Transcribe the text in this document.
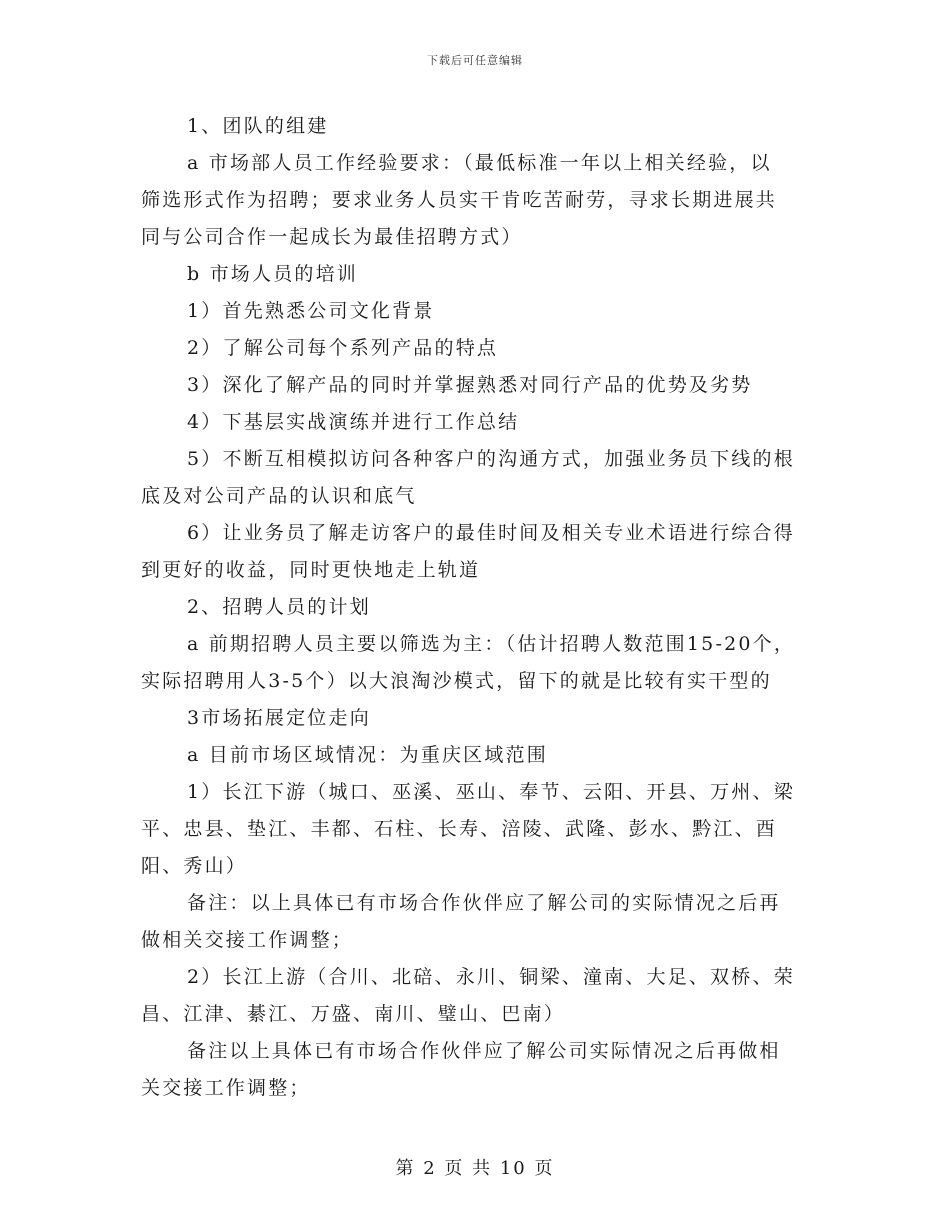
下载后可任意编辑
1、团队的组建
a 市场部人员工作经验要求：（最低标准一年以上相关经验，以
筛选形式作为招聘；要求业务人员实干肯吃苦耐劳，寻求长期进展共
同与公司合作一起成长为最佳招聘方式）
b 市场人员的培训
1）首先熟悉公司文化背景
2）了解公司每个系列产品的特点
3）深化了解产品的同时并掌握熟悉对同行产品的优势及劣势
4）下基层实战演练并进行工作总结
5）不断互相模拟访问各种客户的沟通方式，加强业务员下线的根
底及对公司产品的认识和底气
6）让业务员了解走访客户的最佳时间及相关专业术语进行综合得
到更好的收益，同时更快地走上轨道
2、招聘人员的计划
a 前期招聘人员主要以筛选为主：（估计招聘人数范围15-20个，
实际招聘用人3-5个）以大浪淘沙模式，留下的就是比较有实干型的
3市场拓展定位走向
a 目前市场区域情况：为重庆区域范围
1）长江下游（城口、巫溪、巫山、奉节、云阳、开县、万州、梁
平、忠县、垫江、丰都、石柱、长寿、涪陵、武隆、彭水、黔江、酉
阳、秀山）
备注：以上具体已有市场合作伙伴应了解公司的实际情况之后再
做相关交接工作调整；
2）长江上游（合川、北碚、永川、铜梁、潼南、大足、双桥、荣
昌、江津、綦江、万盛、南川、璧山、巴南）
备注以上具体已有市场合作伙伴应了解公司实际情况之后再做相
关交接工作调整；
第 2 页 共 10 页
